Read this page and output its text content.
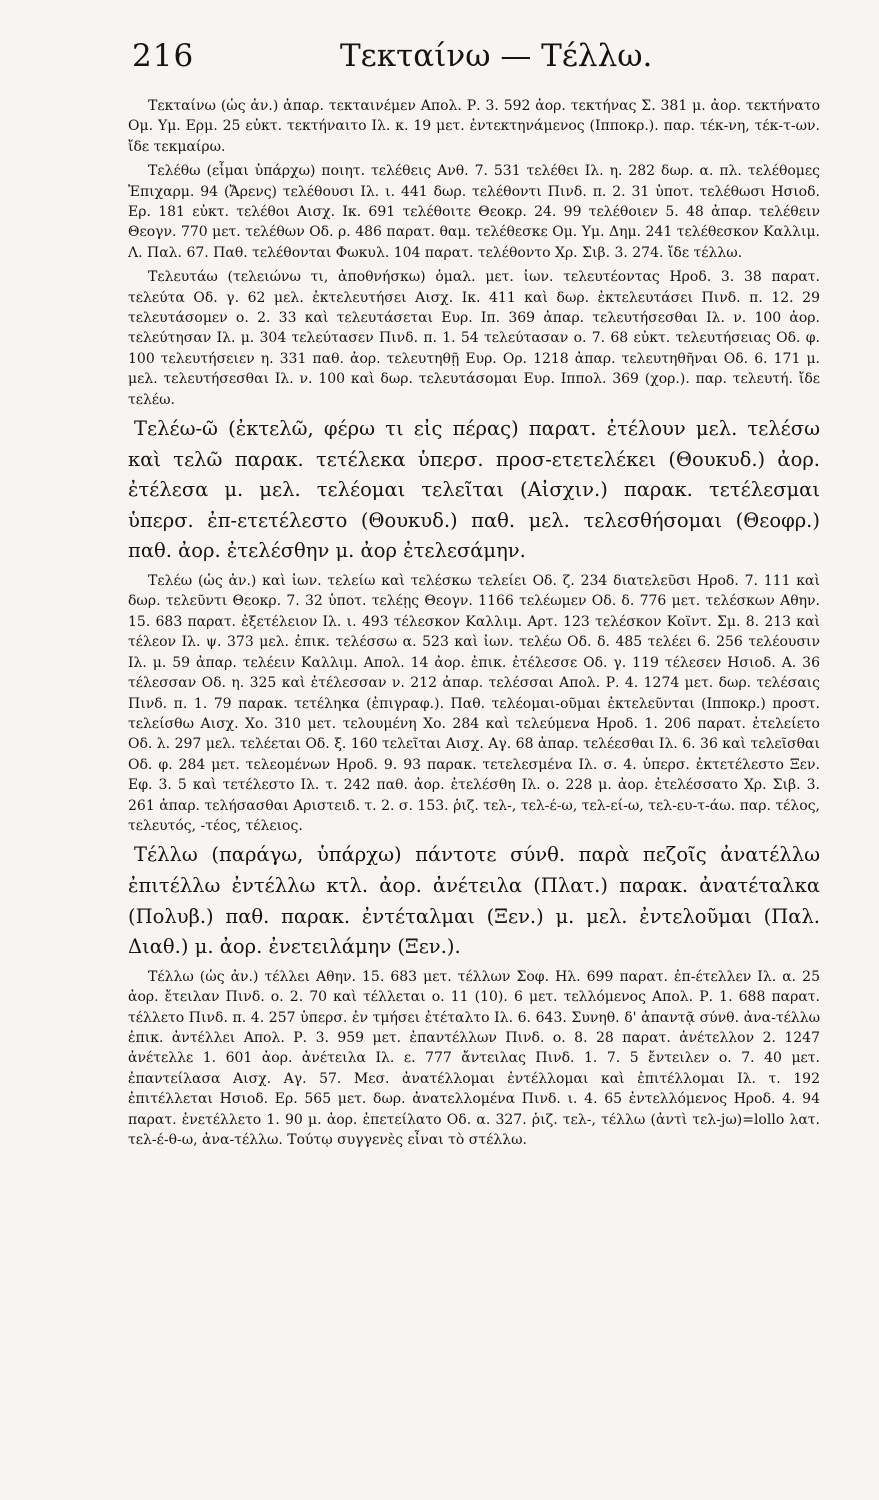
216	Τεκταίνω — Τέλλω.

Τεκταίνω (ὡς ἀν.) ἀπαρ. τεκταινέμεν Απολ. Ρ. 3. 592 ἀορ. τεκτήνας Σ. 381 μ. ἀορ. τεκτήνατο Ομ. Υμ. Ερμ. 25 εὐκτ. τεκτήναιτο Ιλ. κ. 19 μετ. ἐντεκτηνάμενος (Ιπποκρ.). παρ. τέκ-νη, τέκ-τ-ων. ἴδε τεκμαίρω.

Τελέθω (εἶμαι ὑπάρχω) ποιητ. τελέθεις Ανθ. 7. 531 τελέθει Ιλ. η. 282 δωρ. α. πλ. τελέθομες Ἐπιχαρμ. 94 (Ἄρενς) τελέθουσι Ιλ. ι. 441 δωρ. τελέθοντι Πινδ. π. 2. 31 ὑποτ. τελέθωσι Ησιοδ. Ερ. 181 εὐκτ. τελέθοι Αισχ. Ικ. 691 τελέθοιτε Θεοκρ. 24. 99 τελέθοιεν 5. 48 ἀπαρ. τελέθειν Θεογν. 770 μετ. τελέθων Οδ. ρ. 486 παρατ. θαμ. τελέθεσκε Ομ. Υμ. Δημ. 241 τελέθεσκον Καλλιμ. Λ. Παλ. 67. Παθ. τελέθονται Φωκυλ. 104 παρατ. τελέθοντο Χρ. Σιβ. 3. 274. ἴδε τέλλω.

Τελευτάω (τελειώνω τι, ἀποθνήσκω) ὁμαλ. μετ. ἰων. τελευτέοντας Ηροδ. 3. 38 παρατ. τελεύτα Οδ. γ. 62 μελ. ἐκτελευτήσει Αισχ. Ικ. 411 καὶ δωρ. ἐκτελευτάσει Πινδ. π. 12. 29 τελευτάσομεν ο. 2. 33 καὶ τελευτάσεται Ευρ. Ιπ. 369 ἀπαρ. τελευτήσεσθαι Ιλ. ν. 100 ἀορ. τελεύτησαν Ιλ. μ. 304 τελεύτασεν Πινδ. π. 1. 54 τελεύτασαν ο. 7. 68 εὐκτ. τελευτήσειας Οδ. φ. 100 τελευτήσειεν η. 331 παθ. ἀορ. τελευτηθῇ Ευρ. Ορ. 1218 ἀπαρ. τελευτηθῆναι Οδ. 6. 171 μ. μελ. τελευτήσεσθαι Ιλ. ν. 100 καὶ δωρ. τελευτάσομαι Ευρ. Ιππολ. 369 (χορ.). παρ. τελευτή. ἴδε τελέω.

Τελέω-ῶ (ἐκτελῶ, φέρω τι εἰς πέρας) παρατ. ἐτέλουν μελ. τελέσω καὶ τελῶ παρακ. τετέλεκα ὑπερσ. προσ-ετετελέκει (Θουκυδ.) ἀορ. ἐτέλεσα μ. μελ. τελέομαι τελεῖται (Αἰσχιν.) παρακ. τετέλεσμαι ὑπερσ. ἐπ-ετετέλεστο (Θουκυδ.) παθ. μελ. τελεσθήσομαι (Θεοφρ.) παθ. ἀορ. ἐτελέσθην μ. ἀορ ἐτελεσάμην.

Τελέω (ὡς ἀν.) καὶ ἰων. τελείω καὶ τελέσκω τελείει Οδ. ζ. 234 διατελεῦσι Ηροδ. 7. 111 καὶ δωρ. τελεῦντι Θεοκρ. 7. 32 ὑποτ. τελέῃς Θεογν. 1166 τελέωμεν Οδ. δ. 776 μετ. τελέσκων Αθην. 15. 683 παρατ. ἐξετέλειον Ιλ. ι. 493 τέλεσκον Καλλιμ. Αρτ. 123 τελέσκον Κοϊντ. Σμ. 8. 213 καὶ τέλεον Ιλ. ψ. 373 μελ. ἐπικ. τελέσσω α. 523 καὶ ἰων. τελέω Οδ. δ. 485 τελέει 6. 256 τελέουσιν Ιλ. μ. 59 ἀπαρ. τελέειν Καλλιμ. Απολ. 14 ἀορ. ἐπικ. ἐτέλεσσε Οδ. γ. 119 τέλεσεν Ησιοδ. Α. 36 τέλεσσαν Οδ. η. 325 καὶ ἐτέλεσσαν ν. 212 ἀπαρ. τελέσσαι Απολ. Ρ. 4. 1274 μετ. δωρ. τελέσαις Πινδ. π. 1. 79 παρακ. τετέληκα (ἐπιγραφ.). Παθ. τελέομαι-οῦμαι ἐκτελεῦνται (Ιπποκρ.) προστ. τελείσθω Αισχ. Χο. 310 μετ. τελουμένη Χο. 284 καὶ τελεύμενα Ηροδ. 1. 206 παρατ. ἐτελείετο Οδ. λ. 297 μελ. τελέεται Οδ. ξ. 160 τελεῖται Αισχ. Αγ. 68 ἀπαρ. τελέεσθαι Ιλ. 6. 36 καὶ τελεῖσθαι Οδ. φ. 284 μετ. τελεομένων Ηροδ. 9. 93 παρακ. τετελεσμένα Ιλ. σ. 4. ὑπερσ. ἐκτετέλεστο Ξεν. Εφ. 3. 5 καὶ τετέλεστο Ιλ. τ. 242 παθ. ἀορ. ἐτελέσθη Ιλ. ο. 228 μ. ἀορ. ἐτελέσσατο Χρ. Σιβ. 3. 261 ἀπαρ. τελήσασθαι Αριστειδ. τ. 2. σ. 153. ῥιζ. τελ-, τελ-έ-ω, τελ-εί-ω, τελ-ευ-τ-άω. παρ. τέλος, τελευτός, -τέος, τέλειος.

Τέλλω (παράγω, ὑπάρχω) πάντοτε σύνθ. παρὰ πεζοῖς ἀνατέλλω ἐπιτέλλω ἐντέλλω κτλ. ἀορ. ἀνέτειλα (Πλατ.) παρακ. ἀνατέταλκα (Πολυβ.) παθ. παρακ. ἐντέταλμαι (Ξεν.) μ. μελ. ἐντελοῦμαι (Παλ. Διαθ.) μ. ἀορ. ἐνετειλάμην (Ξεν.).

Τέλλω (ὡς ἀν.) τέλλει Αθην. 15. 683 μετ. τέλλων Σοφ. Ηλ. 699 παρατ. ἐπ-έτελλεν Ιλ. α. 25 ἀορ. ἔτειλαν Πινδ. ο. 2. 70 καὶ τέλλεται ο. 11 (10). 6 μετ. τελλόμενος Απολ. Ρ. 1. 688 παρατ. τέλλετο Πινδ. π. 4. 257 ὑπερσ. ἐν τμήσει ἐτέταλτο Ιλ. 6. 643. Συνηθ. δ' ἀπαντᾷ σύνθ. ἀνα-τέλλω ἐπικ. ἀντέλλει Απολ. Ρ. 3. 959 μετ. ἐπαντέλλων Πινδ. ο. 8. 28 παρατ. ἀνέτελλον 2. 1247 ἀνέτελλε 1. 601 ἀορ. ἀνέτειλα Ιλ. ε. 777 ἄντειλας Πινδ. 1. 7. 5 ἔντειλεν ο. 7. 40 μετ. ἐπαντείλασα Αισχ. Αγ. 57. Μεσ. ἀνατέλλομαι ἐντέλλομαι καὶ ἐπιτέλλομαι Ιλ. τ. 192 ἐπιτέλλεται Ησιοδ. Ερ. 565 μετ. δωρ. ἀνατελλομένα Πινδ. ι. 4. 65 ἐντελλόμενος Ηροδ. 4. 94 παρατ. ἐνετέλλετο 1. 90 μ. ἀορ. ἐπετείλατο Οδ. α. 327. ῥιζ. τελ-, τέλλω (ἀντὶ τελ-jω)=lollo λατ. τελ-έ-θ-ω, ἀνα-τέλλω. Τούτῳ συγγενὲς εἶναι τὸ στέλλω.
